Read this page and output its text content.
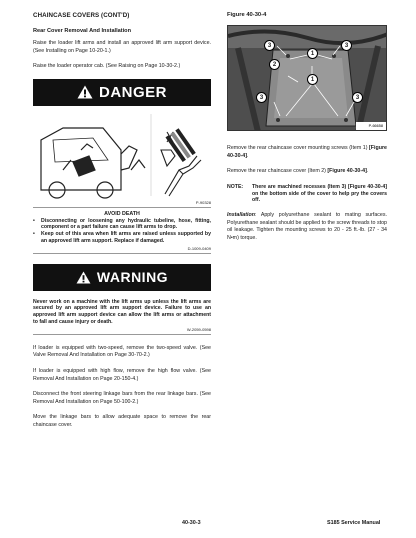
CHAINCASE COVERS (CONT'D)
Rear Cover Removal And Installation

Raise the loader lift arms and install an approved lift arm support device. (See Installing on Page 10-20-1.)

Raise the loader operator cab. (See Raising on Page 10-30-2.)

DANGER
P-90328
AVOID DEATH
• Disconnecting or loosening any hydraulic tubeline, hose, fitting, component or a part failure can cause lift arms to drop.
• Keep out of this area when lift arms are raised unless supported by an approved lift arm support. Replace if damaged.
D-1009-0409
WARNING
Never work on a machine with the lift arms up unless the lift arms are secured by an approved lift arm support device. Failure to use an approved lift arm support device can allow the lift arms or attachment to fall and cause injury or death.
W-2059-0598

If loader is equipped with two-speed, remove the two-speed valve. (See Valve Removal And Installation on Page 30-70-2.)

If loader is equipped with high flow, remove the high flow valve. (See Removal And Installation on Page 20-150-4.)

Disconnect the front steering linkage bars from the rear linkage bars. (See Removal And Installation on Page 50-100-2.)

Move the linkage bars to allow adequate space to remove the rear chaincase cover.

Figure 40-30-4
3	3
1
2
1
3	3
P-66658

Remove the rear chaincase cover mounting screws (Item 1) [Figure 40-30-4].

Remove the rear chaincase cover (Item 2) [Figure 40-30-4].

NOTE:	There are machined recesses (Item 3) [Figure 40-30-4] on the bottom side of the cover to help pry the covers off.

Installation: Apply polyurethane sealant to mating surfaces. Polyurethane sealant should be applied to the screw threads to stop oil leakage. Tighten the mounting screws to 20 - 25 ft.-lb. (27 - 34 N•m) torque.

40-30-3	S185 Service Manual
